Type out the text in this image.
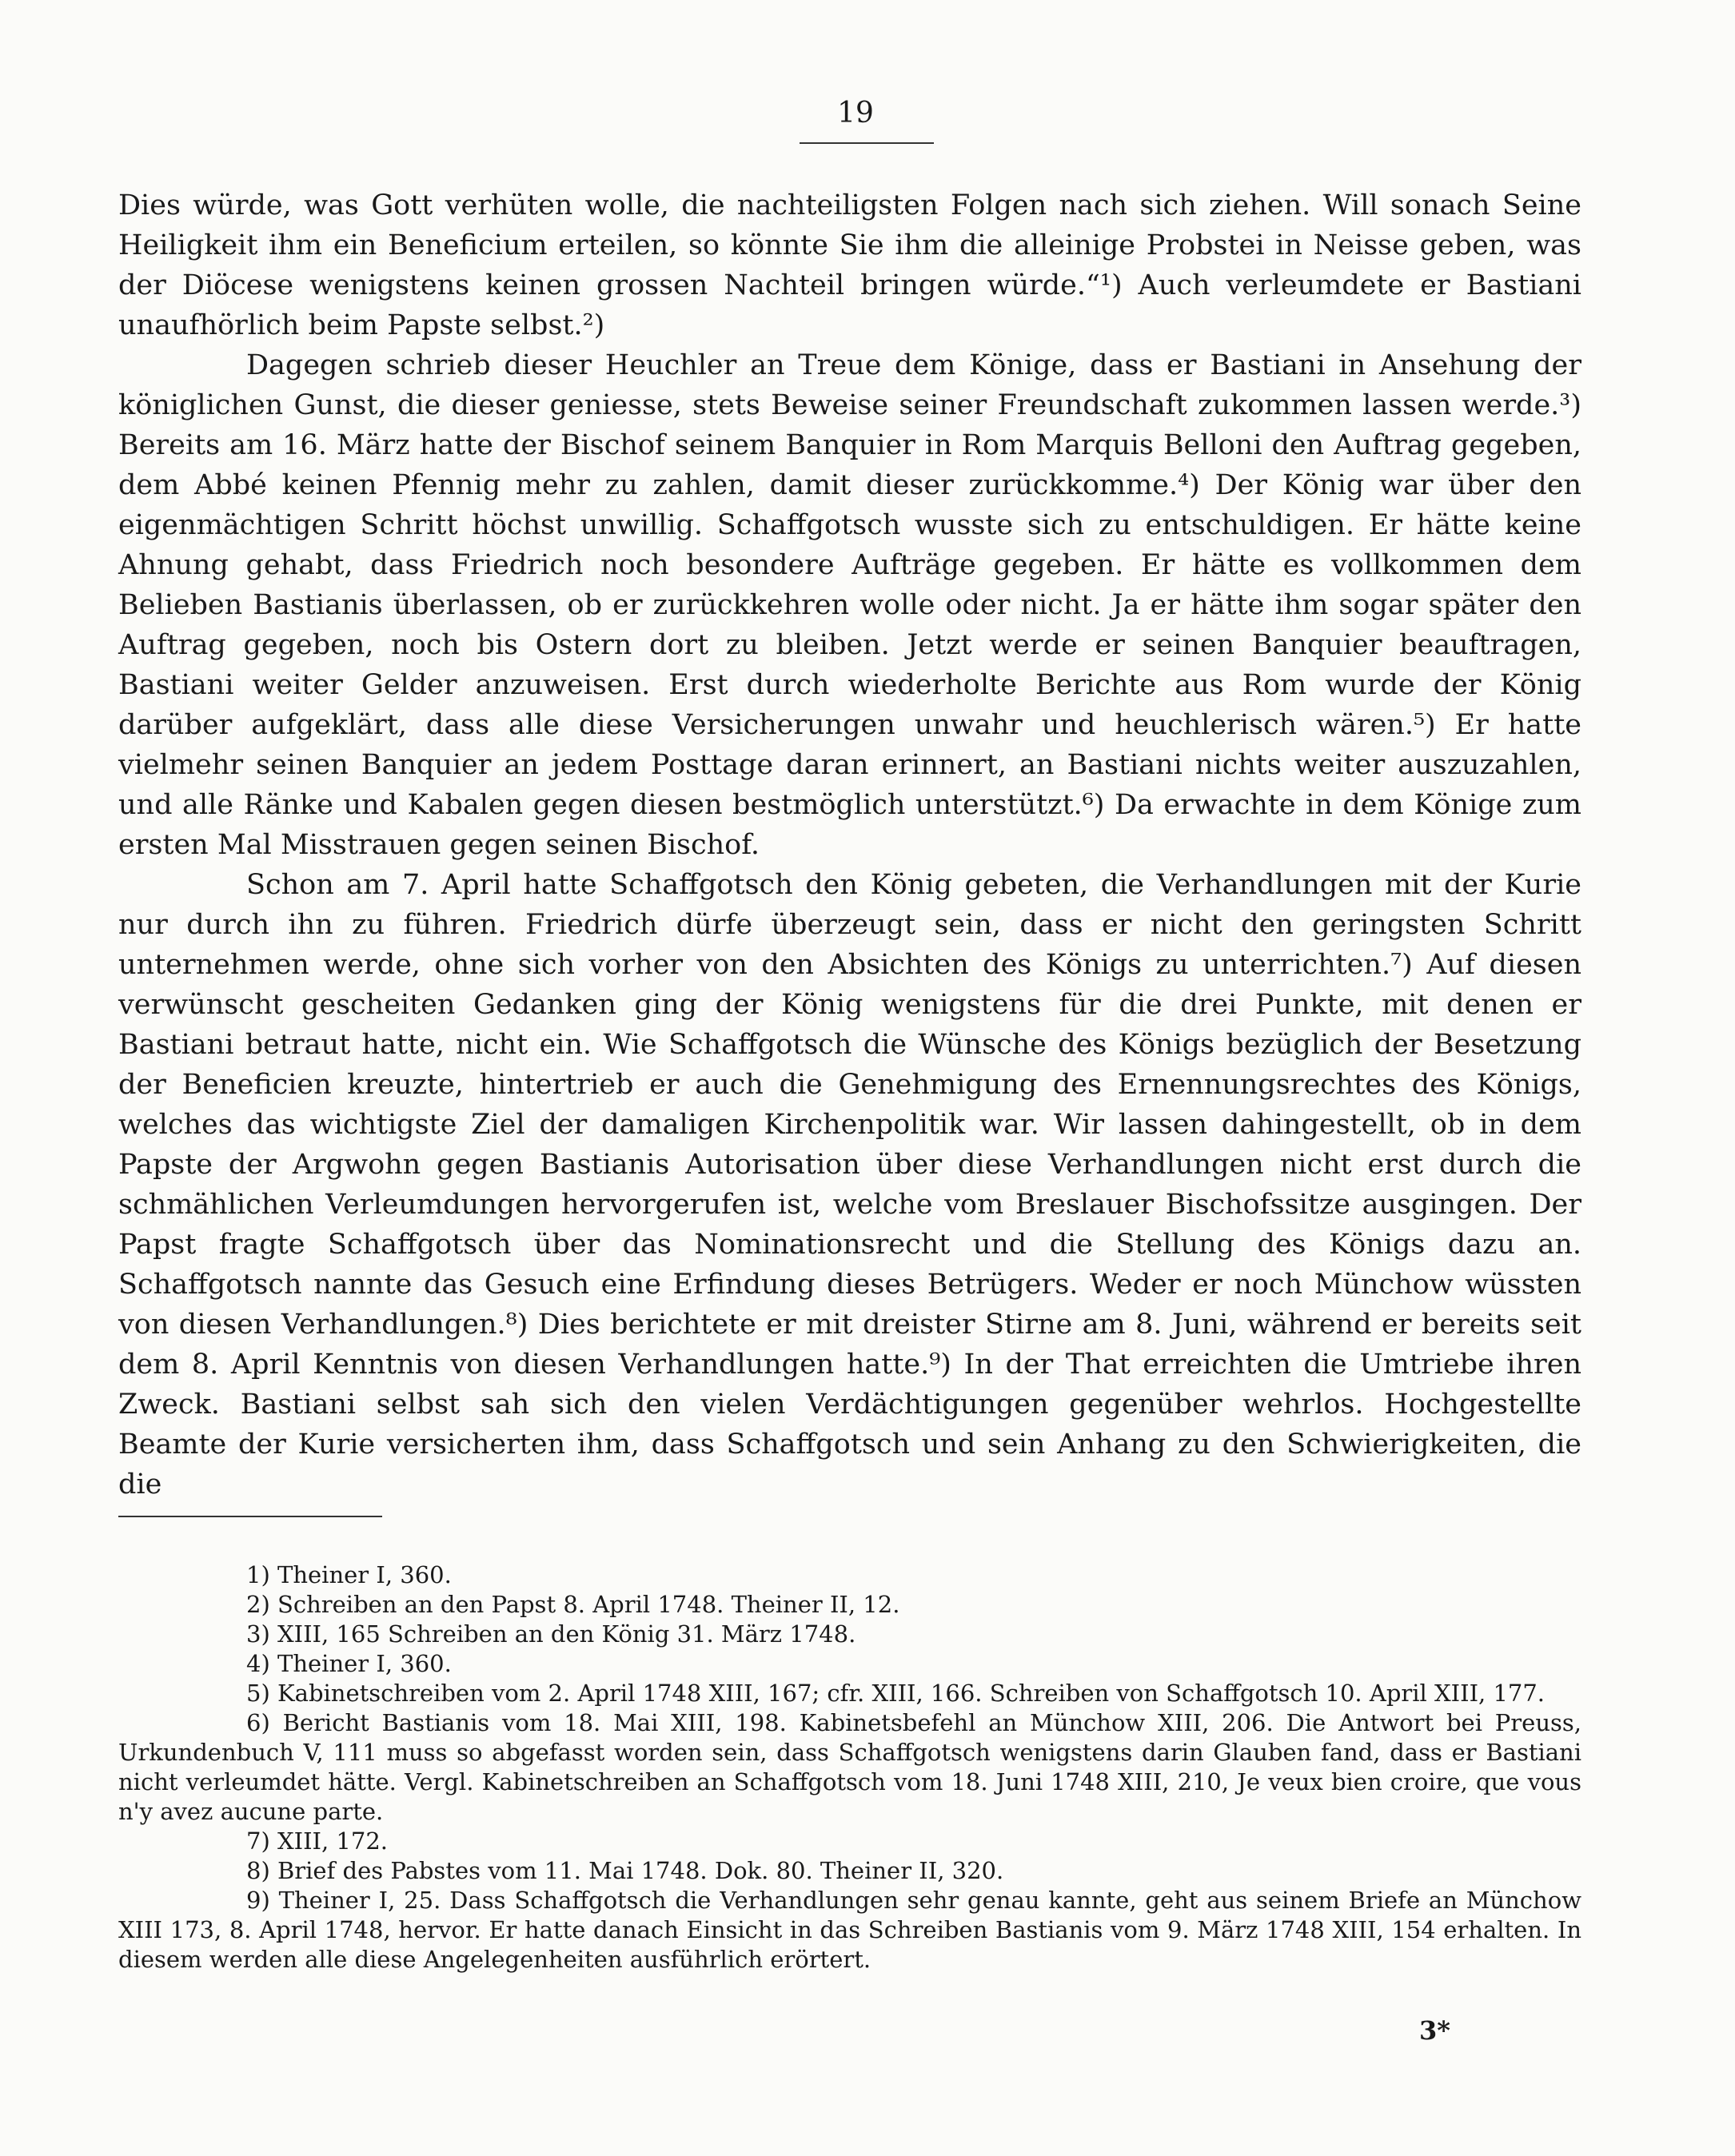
19

Dies würde, was Gott verhüten wolle, die nachteiligsten Folgen nach sich ziehen. Will sonach Seine Heiligkeit ihm ein Beneficium erteilen, so könnte Sie ihm die alleinige Probstei in Neisse geben, was der Diöcese wenigstens keinen grossen Nachteil bringen würde.“¹) Auch verleumdete er Bastiani unaufhörlich beim Papste selbst.²)

Dagegen schrieb dieser Heuchler an Treue dem Könige, dass er Bastiani in Ansehung der königlichen Gunst, die dieser geniesse, stets Beweise seiner Freundschaft zukommen lassen werde.³) Bereits am 16. März hatte der Bischof seinem Banquier in Rom Marquis Belloni den Auftrag gegeben, dem Abbé keinen Pfennig mehr zu zahlen, damit dieser zurückkomme.⁴) Der König war über den eigenmächtigen Schritt höchst unwillig. Schaffgotsch wusste sich zu entschuldigen. Er hätte keine Ahnung gehabt, dass Friedrich noch besondere Aufträge gegeben. Er hätte es vollkommen dem Belieben Bastianis überlassen, ob er zurückkehren wolle oder nicht. Ja er hätte ihm sogar später den Auftrag gegeben, noch bis Ostern dort zu bleiben. Jetzt werde er seinen Banquier beauftragen, Bastiani weiter Gelder anzuweisen. Erst durch wiederholte Berichte aus Rom wurde der König darüber aufgeklärt, dass alle diese Versicherungen unwahr und heuchlerisch wären.⁵) Er hatte vielmehr seinen Banquier an jedem Posttage daran erinnert, an Bastiani nichts weiter auszuzahlen, und alle Ränke und Kabalen gegen diesen bestmöglich unterstützt.⁶) Da erwachte in dem Könige zum ersten Mal Misstrauen gegen seinen Bischof.

Schon am 7. April hatte Schaffgotsch den König gebeten, die Verhandlungen mit der Kurie nur durch ihn zu führen. Friedrich dürfe überzeugt sein, dass er nicht den geringsten Schritt unternehmen werde, ohne sich vorher von den Absichten des Königs zu unterrichten.⁷) Auf diesen verwünscht gescheiten Gedanken ging der König wenigstens für die drei Punkte, mit denen er Bastiani betraut hatte, nicht ein. Wie Schaffgotsch die Wünsche des Königs bezüglich der Besetzung der Beneficien kreuzte, hintertrieb er auch die Genehmigung des Ernennungsrechtes des Königs, welches das wichtigste Ziel der damaligen Kirchenpolitik war. Wir lassen dahingestellt, ob in dem Papste der Argwohn gegen Bastianis Autorisation über diese Verhandlungen nicht erst durch die schmählichen Verleumdungen hervorgerufen ist, welche vom Breslauer Bischofssitze ausgingen. Der Papst fragte Schaffgotsch über das Nominationsrecht und die Stellung des Königs dazu an. Schaffgotsch nannte das Gesuch eine Erfindung dieses Betrügers. Weder er noch Münchow wüssten von diesen Verhandlungen.⁸) Dies berichtete er mit dreister Stirne am 8. Juni, während er bereits seit dem 8. April Kenntnis von diesen Verhandlungen hatte.⁹) In der That erreichten die Umtriebe ihren Zweck. Bastiani selbst sah sich den vielen Verdächtigungen gegenüber wehrlos. Hochgestellte Beamte der Kurie versicherten ihm, dass Schaffgotsch und sein Anhang zu den Schwierigkeiten, die die

1) Theiner I, 360.

2) Schreiben an den Papst 8. April 1748. Theiner II, 12.

3) XIII, 165 Schreiben an den König 31. März 1748.

4) Theiner I, 360.

5) Kabinetschreiben vom 2. April 1748 XIII, 167; cfr. XIII, 166. Schreiben von Schaffgotsch 10. April XIII, 177.

6) Bericht Bastianis vom 18. Mai XIII, 198. Kabinetsbefehl an Münchow XIII, 206. Die Antwort bei Preuss, Urkundenbuch V, 111 muss so abgefasst worden sein, dass Schaffgotsch wenigstens darin Glauben fand, dass er Bastiani nicht verleumdet hätte. Vergl. Kabinetschreiben an Schaffgotsch vom 18. Juni 1748 XIII, 210, Je veux bien croire, que vous n'y avez aucune parte.

7) XIII, 172.

8) Brief des Pabstes vom 11. Mai 1748. Dok. 80. Theiner II, 320.

9) Theiner I, 25. Dass Schaffgotsch die Verhandlungen sehr genau kannte, geht aus seinem Briefe an Münchow XIII 173, 8. April 1748, hervor. Er hatte danach Einsicht in das Schreiben Bastianis vom 9. März 1748 XIII, 154 erhalten. In diesem werden alle diese Angelegenheiten ausführlich erörtert.

3*
